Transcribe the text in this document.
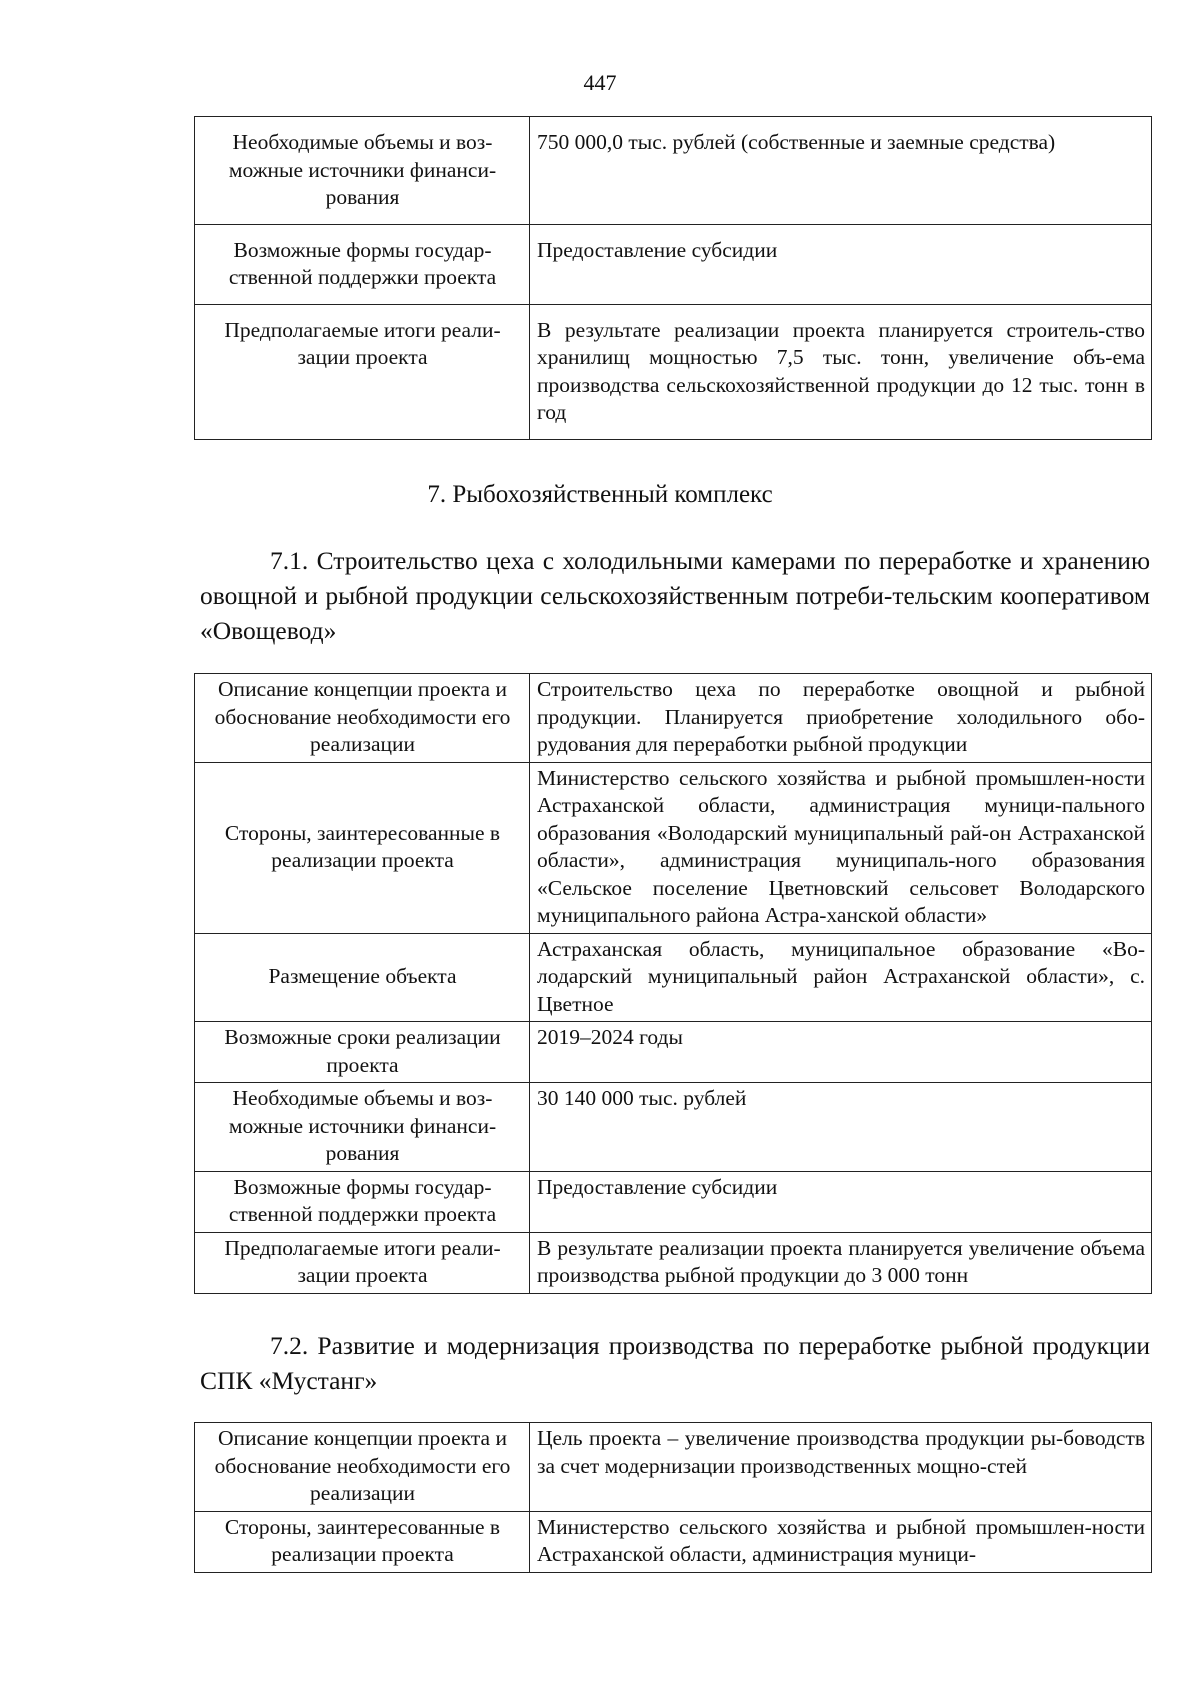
447
Необходимые объемы и воз-можные источники финанси-рования	750 000,0 тыс. рублей (собственные и заемные средства)
Возможные формы государ-ственной поддержки проекта	Предоставление субсидии
Предполагаемые итоги реали-зации проекта	В результате реализации проекта планируется строитель-ство хранилищ мощностью 7,5 тыс. тонн, увеличение объ-ема производства сельскохозяйственной продукции до 12 тыс. тонн в год
7. Рыбохозяйственный комплекс
7.1. Строительство цеха с холодильными камерами по переработке и хранению овощной и рыбной продукции сельскохозяйственным потреби-тельским кооперативом «Овощевод»
Описание концепции проекта и обоснование необходимости его реализации	Строительство цеха по переработке овощной и рыбной продукции. Планируется приобретение холодильного обо-рудования для переработки рыбной продукции
Стороны, заинтересованные в реализации проекта	Министерство сельского хозяйства и рыбной промышлен-ности Астраханской области, администрация муници-пального образования «Володарский муниципальный рай-он Астраханской области», администрация муниципаль-ного образования «Сельское поселение Цветновский сельсовет Володарского муниципального района Астра-ханской области»
Размещение объекта	Астраханская область, муниципальное образование «Во-лодарский муниципальный район Астраханской области», с. Цветное
Возможные сроки реализации проекта	2019–2024 годы
Необходимые объемы и воз-можные источники финанси-рования	30 140 000 тыс. рублей
Возможные формы государ-ственной поддержки проекта	Предоставление субсидии
Предполагаемые итоги реали-зации проекта	В результате реализации проекта планируется увеличение объема производства рыбной продукции до 3 000 тонн
7.2. Развитие и модернизация производства по переработке рыбной продукции СПК «Мустанг»
Описание концепции проекта и обоснование необходимости его реализации	Цель проекта – увеличение производства продукции ры-боводств за счет модернизации производственных мощно-стей
Стороны, заинтересованные в реализации проекта	Министерство сельского хозяйства и рыбной промышлен-ности Астраханской области, администрация муници-
